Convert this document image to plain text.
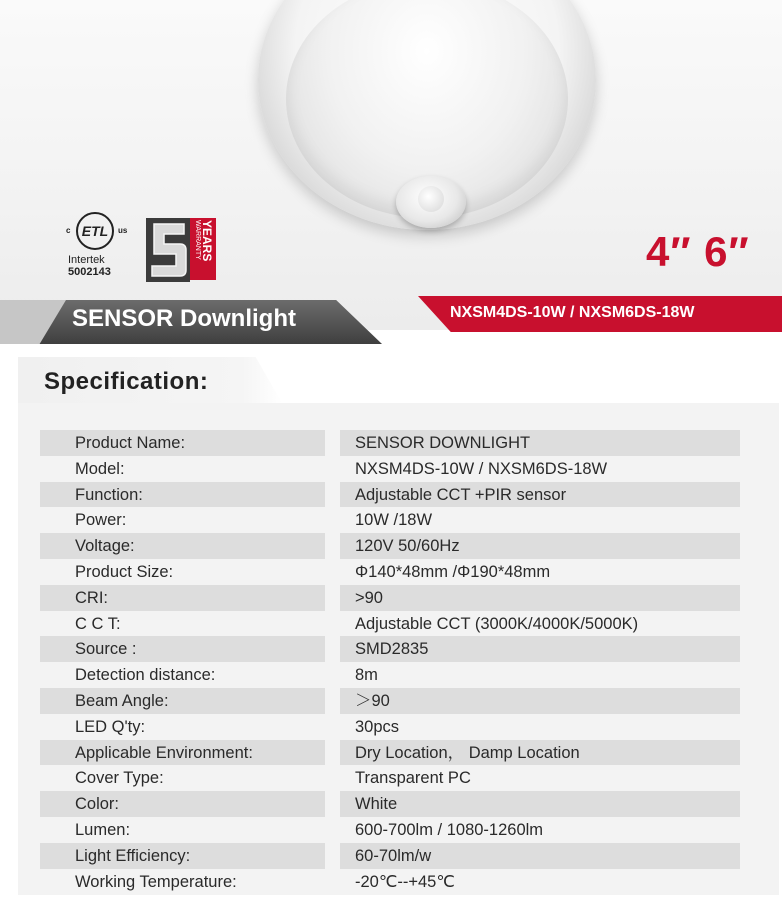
c ETL	us
Intertek
5002143
YEARS
WARRANTY	4″ 6″
SENSOR Downlight	NXSM4DS-10W / NXSM6DS-18W
Specification:
Product Name:	SENSOR DOWNLIGHT
Model:	NXSM4DS-10W / NXSM6DS-18W
Function:	Adjustable CCT +PIR sensor
Power:	10W /18W
Voltage:	120V 50/60Hz
Product Size:	Φ140*48mm /Φ190*48mm
CRI:	>90
C C T:	Adjustable CCT (3000K/4000K/5000K)
Source :	SMD2835
Detection distance:	8m
Beam Angle:	＞90
LED Q'ty:	30pcs
Applicable Environment:	Dry Location， Damp Location
Cover Type:	Transparent PC
Color:	White
Lumen:	600-700lm / 1080-1260lm
Light Efficiency:	60-70lm/w
Working Temperature:	-20℃--+45℃
